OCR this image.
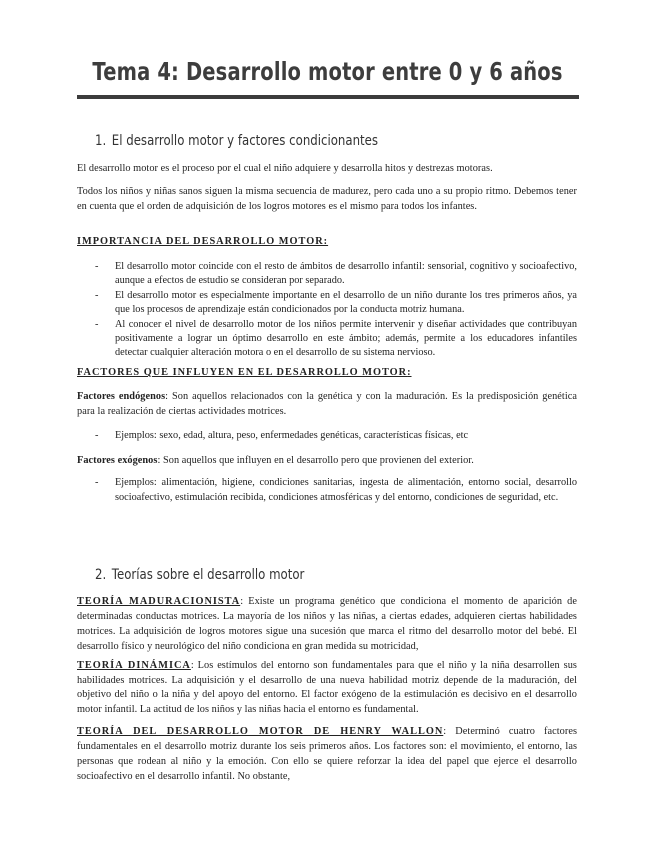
Tema 4: Desarrollo motor entre 0 y 6 años
1. El desarrollo motor y factores condicionantes
El desarrollo motor es el proceso por el cual el niño adquiere y desarrolla hitos y destrezas motoras.
Todos los niños y niñas sanos siguen la misma secuencia de madurez, pero cada uno a su propio ritmo. Debemos tener en cuenta que el orden de adquisición de los logros motores es el mismo para todos los infantes.
IMPORTANCIA DEL DESARROLLO MOTOR:
- El desarrollo motor coincide con el resto de ámbitos de desarrollo infantil: sensorial, cognitivo y socioafectivo, aunque a efectos de estudio se consideran por separado.
- El desarrollo motor es especialmente importante en el desarrollo de un niño durante los tres primeros años, ya que los procesos de aprendizaje están condicionados por la conducta motriz humana.
- Al conocer el nivel de desarrollo motor de los niños permite intervenir y diseñar actividades que contribuyan positivamente a lograr un óptimo desarrollo en este ámbito; además, permite a los educadores infantiles detectar cualquier alteración motora o en el desarrollo de su sistema nervioso.
FACTORES QUE INFLUYEN EN EL DESARROLLO MOTOR:
Factores endógenos: Son aquellos relacionados con la genética y con la maduración. Es la predisposición genética para la realización de ciertas actividades motrices.
- Ejemplos: sexo, edad, altura, peso, enfermedades genéticas, características físicas, etc
Factores exógenos: Son aquellos que influyen en el desarrollo pero que provienen del exterior.
- Ejemplos: alimentación, higiene, condiciones sanitarias, ingesta de alimentación, entorno social, desarrollo socioafectivo, estimulación recibida, condiciones atmosféricas y del entorno, condiciones de seguridad, etc.
2. Teorías sobre el desarrollo motor
TEORÍA MADURACIONISTA: Existe un programa genético que condiciona el momento de aparición de determinadas conductas motrices. La mayoría de los niños y las niñas, a ciertas edades, adquieren ciertas habilidades motrices. La adquisición de logros motores sigue una sucesión que marca el ritmo del desarrollo motor del bebé. El desarrollo físico y neurológico del niño condiciona en gran medida su motricidad,
TEORÍA DINÁMICA: Los estímulos del entorno son fundamentales para que el niño y la niña desarrollen sus habilidades motrices. La adquisición y el desarrollo de una nueva habilidad motriz depende de la maduración, del objetivo del niño o la niña y del apoyo del entorno. El factor exógeno de la estimulación es decisivo en el desarrollo motor infantil. La actitud de los niños y las niñas hacia el entorno es fundamental.
TEORÍA DEL DESARROLLO MOTOR DE HENRY WALLON: Determinó cuatro factores fundamentales en el desarrollo motriz durante los seis primeros años. Los factores son: el movimiento, el entorno, las personas que rodean al niño y la emoción. Con ello se quiere reforzar la idea del papel que ejerce el desarrollo socioafectivo en el desarrollo infantil. No obstante,
